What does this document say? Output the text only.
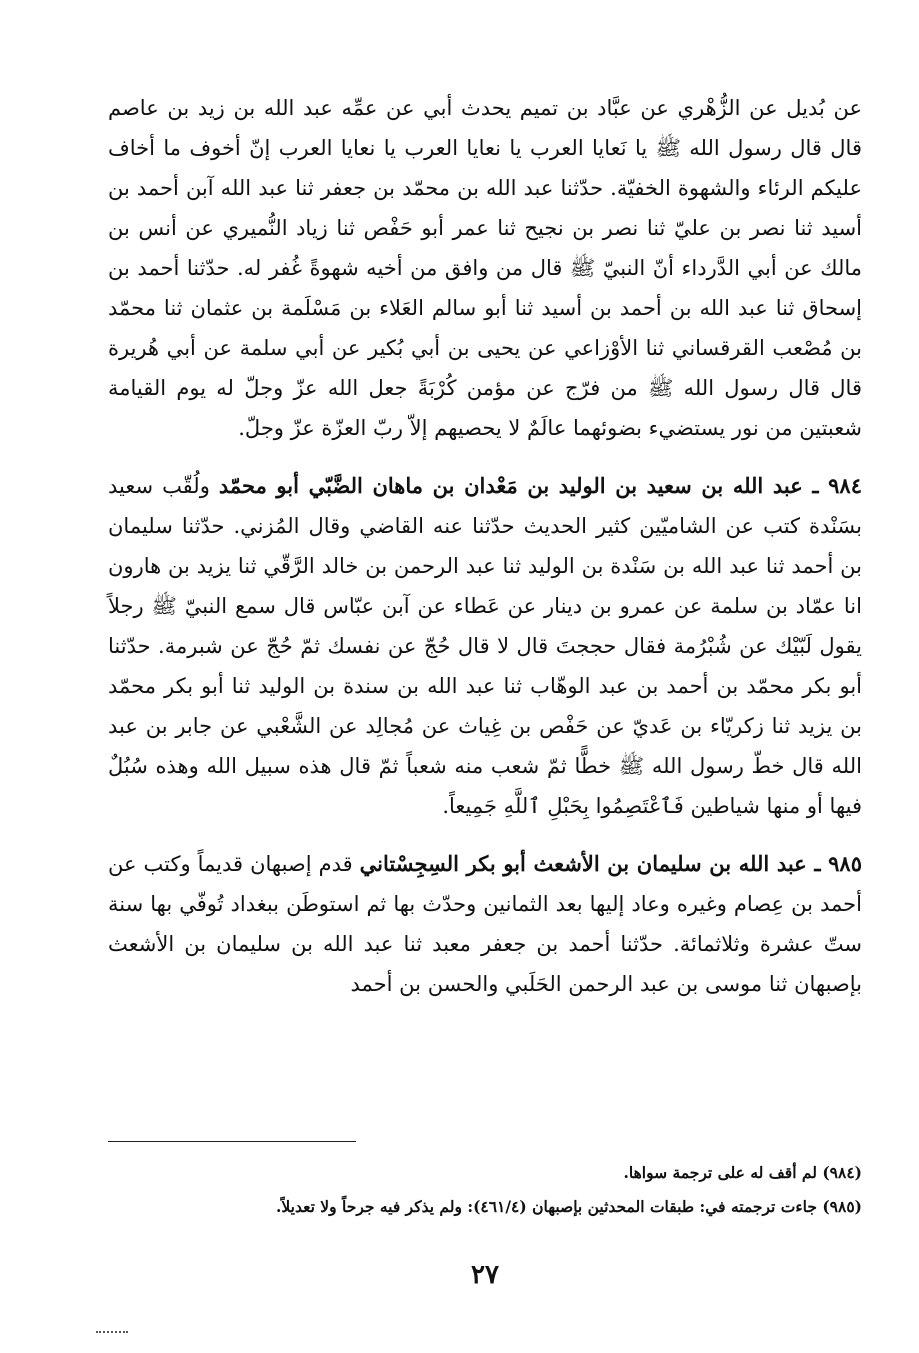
عن بُديل عن الزُّهْري عن عبَّاد بن تميم يحدث أبي عن عمِّه عبد الله بن زيد بن عاصم قال قال رسول الله ﷺ يا نَعايا العرب يا نعايا العرب يا نعايا العرب إنّ أخوف ما أخاف عليكم الرئاء والشهوة الخفيّة. حدّثنا عبد الله بن محمّد بن جعفر ثنا عبد الله آبن أحمد بن أسيد ثنا نصر بن عليّ ثنا نصر بن نجيح ثنا عمر أبو حَفْص ثنا زياد النُّميري عن أنس بن مالك عن أبي الدَّرداء أنّ النبيّ ﷺ قال من وافق من أخيه شهوةً غُفر له. حدّثنا أحمد بن إسحاق ثنا عبد الله بن أحمد بن أسيد ثنا أبو سالم العَلاء بن مَسْلَمة بن عثمان ثنا محمّد بن مُصْعب القرقساني ثنا الأوْزاعي عن يحيى بن أبي بُكير عن أبي سلمة عن أبي هُريرة قال قال رسول الله ﷺ من فرّج عن مؤمن كُرْبَةً جعل الله عزّ وجلّ له يوم القيامة شعبتين من نور يستضيء بضوئهما عالَمٌ لا يحصيهم إلاّ ربّ العزّة عزّ وجلّ.

٩٨٤ ـ عبد الله بن سعيد بن الوليد بن مَعْدان بن ماهان الضَّبّي أبو محمّد ولُقّب سعيد بسَنْدة كتب عن الشاميّين كثير الحديث حدّثنا عنه القاضي وقال المُزني. حدّثنا سليمان بن أحمد ثنا عبد الله بن سَنْدة بن الوليد ثنا عبد الرحمن بن خالد الرَّقّي ثنا يزيد بن هارون انا عمّاد بن سلمة عن عمرو بن دينار عن عَطاء عن آبن عبّاس قال سمع النبيّ ﷺ رجلاً يقول لَبّيْك عن شُبْرُمة فقال حججتَ قال لا قال حُجّ عن نفسك ثمّ حُجّ عن شبرمة. حدّثنا أبو بكر محمّد بن أحمد بن عبد الوهّاب ثنا عبد الله بن سندة بن الوليد ثنا أبو بكر محمّد بن يزيد ثنا زكريّاء بن عَديّ عن حَفْص بن غِياث عن مُجالِد عن الشَّعْبي عن جابر بن عبد الله قال خطّ رسول الله ﷺ خطًّا ثمّ شعب منه شعباً ثمّ قال هذه سبيل الله وهذه سُبُلٌ فيها أو منها شياطين فَٱعْتَصِمُوا بِحَبْلِ ٱللَّهِ جَمِيعاً.

٩٨٥ ـ عبد الله بن سليمان بن الأشعث أبو بكر السِجِسْتاني قدم إصبهان قديماً وكتب عن أحمد بن عِصام وغيره وعاد إليها بعد الثمانين وحدّث بها ثم استوطَن ببغداد تُوفّي بها سنة ستّ عشرة وثلاثمائة. حدّثنا أحمد بن جعفر معبد ثنا عبد الله بن سليمان بن الأشعث بإصبهان ثنا موسى بن عبد الرحمن الحَلَبي والحسن بن أحمد

(٩٨٤) لم أقف له على ترجمة سواها.

(٩٨٥) جاءت ترجمته في: طبقات المحدثين بإصبهان (٤٦١/٤): ولم يذكر فيه جرحاً ولا تعديلاً.

٢٧
